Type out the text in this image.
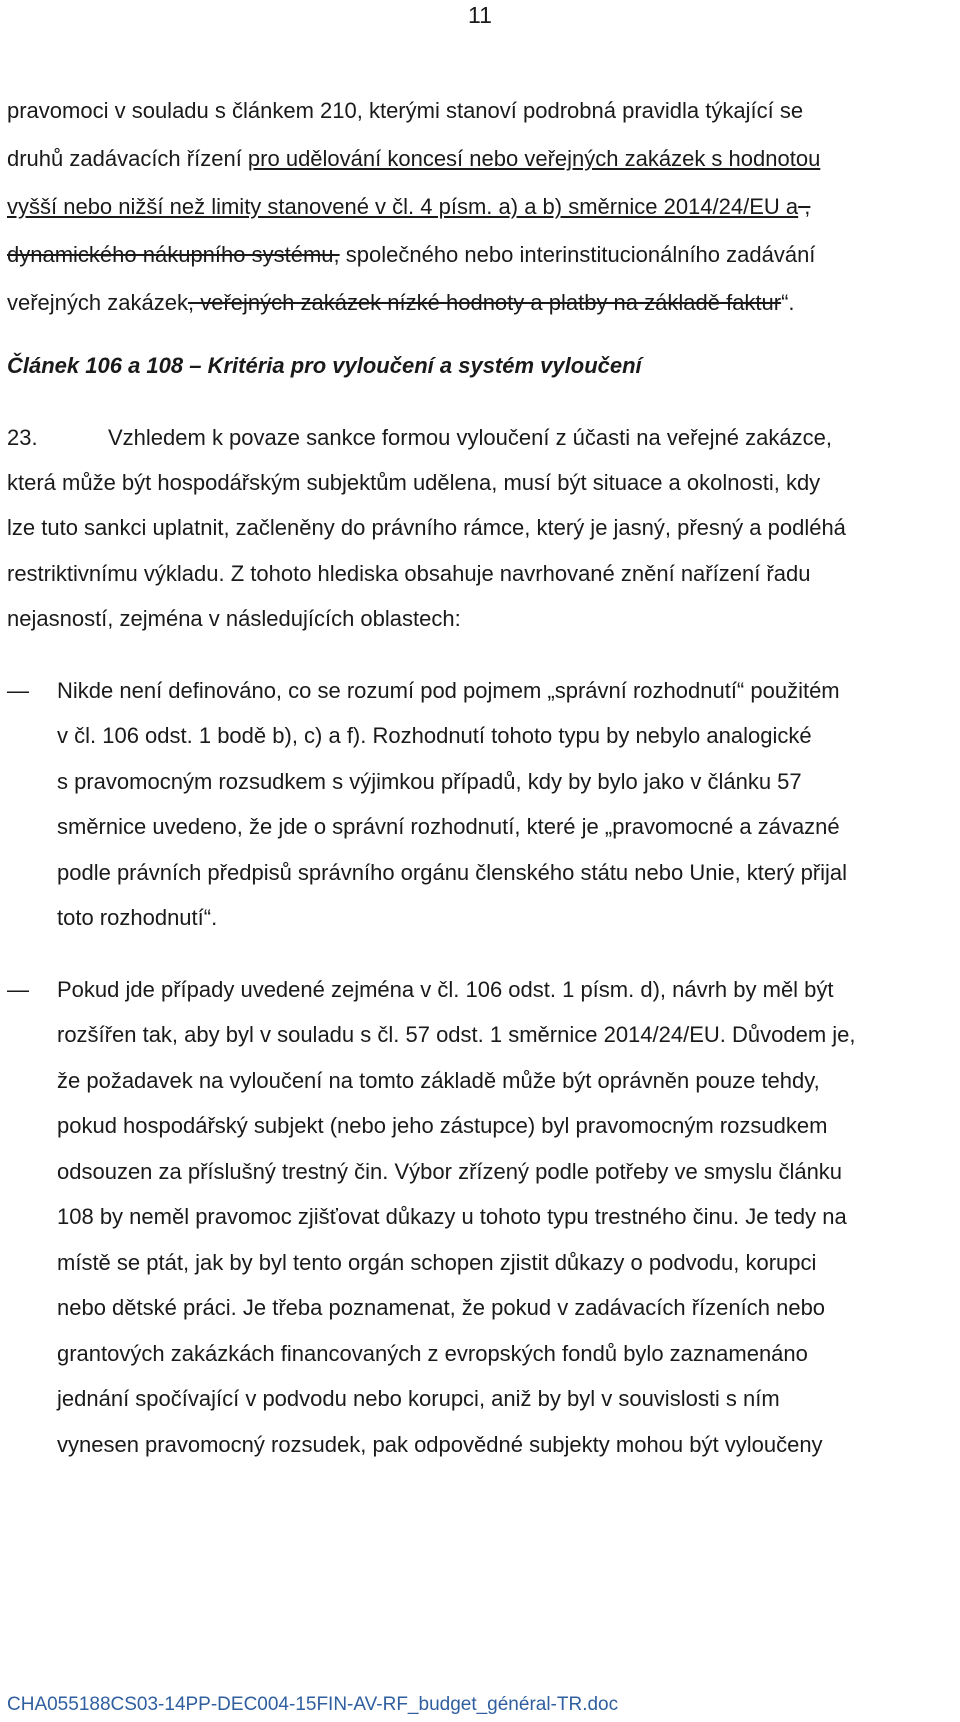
11
pravomoci v souladu s článkem 210, kterými stanoví podrobná pravidla týkající se
druhů zadávacích řízení pro udělování koncesí nebo veřejných zakázek s hodnotou
vyšší nebo nižší než limity stanovené v čl. 4 písm. a) a b) směrnice 2014/24/EU a ,
dynamického nákupního systému, společného nebo interinstitucionálního zadávání
veřejných zakázek, veřejných zakázek nízké hodnoty a platby na základě faktur“.
Článek 106 a 108 – Kritéria pro vyloučení a systém vyloučení
23.	Vzhledem k povaze sankce formou vyloučení z účasti na veřejné zakázce,
která může být hospodářským subjektům udělena, musí být situace a okolnosti, kdy
lze tuto sankci uplatnit, začleněny do právního rámce, který je jasný, přesný a podléhá
restriktivnímu výkladu. Z tohoto hlediska obsahuje navrhované znění nařízení řadu
nejasností, zejména v následujících oblastech:
— Nikde není definováno, co se rozumí pod pojmem „správní rozhodnutí“ použitém
v čl. 106 odst. 1 bodě b), c) a f). Rozhodnutí tohoto typu by nebylo analogické
s pravomocným rozsudkem s výjimkou případů, kdy by bylo jako v článku 57
směrnice uvedeno, že jde o správní rozhodnutí, které je „pravomocné a závazné
podle právních předpisů správního orgánu členského státu nebo Unie, který přijal
toto rozhodnutí“.
— Pokud jde případy uvedené zejména v čl. 106 odst. 1 písm. d), návrh by měl být
rozšířen tak, aby byl v souladu s čl. 57 odst. 1 směrnice 2014/24/EU. Důvodem je,
že požadavek na vyloučení na tomto základě může být oprávněn pouze tehdy,
pokud hospodářský subjekt (nebo jeho zástupce) byl pravomocným rozsudkem
odsouzen za příslušný trestný čin. Výbor zřízený podle potřeby ve smyslu článku
108 by neměl pravomoc zjišťovat důkazy u tohoto typu trestného činu. Je tedy na
místě se ptát, jak by byl tento orgán schopen zjistit důkazy o podvodu, korupci
nebo dětské práci. Je třeba poznamenat, že pokud v zadávacích řízeních nebo
grantových zakázkách financovaných z evropských fondů bylo zaznamenáno
jednání spočívající v podvodu nebo korupci, aniž by byl v souvislosti s ním
vynesen pravomocný rozsudek, pak odpovědné subjekty mohou být vyloučeny
CHA055188CS03-14PP-DEC004-15FIN-AV-RF_budget_général-TR.doc
